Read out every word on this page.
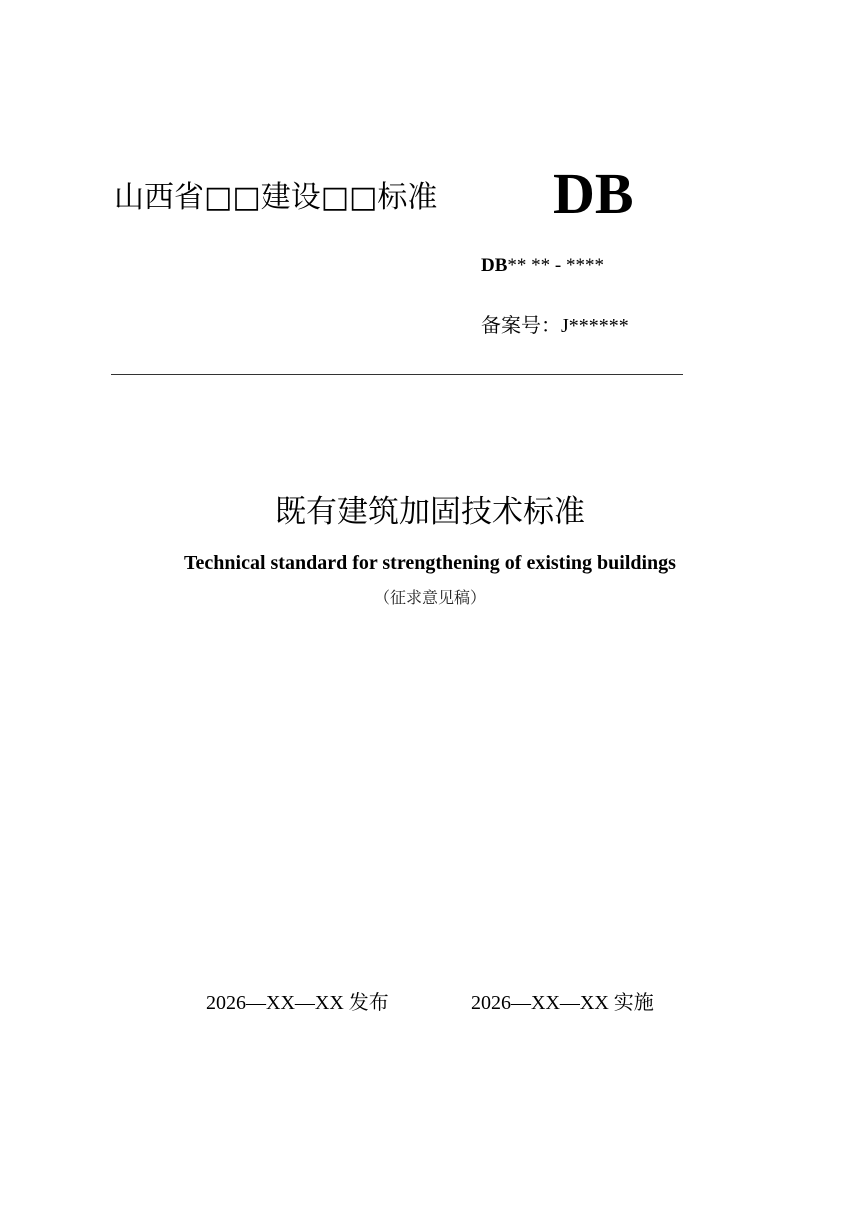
山西省□□建设□□标准 DB
DB** ** - ****
备案号：J******
既有建筑加固技术标准
Technical standard for strengthening of existing buildings
（征求意见稿）
2026—XX—XX 发布	2026—XX—XX 实施
